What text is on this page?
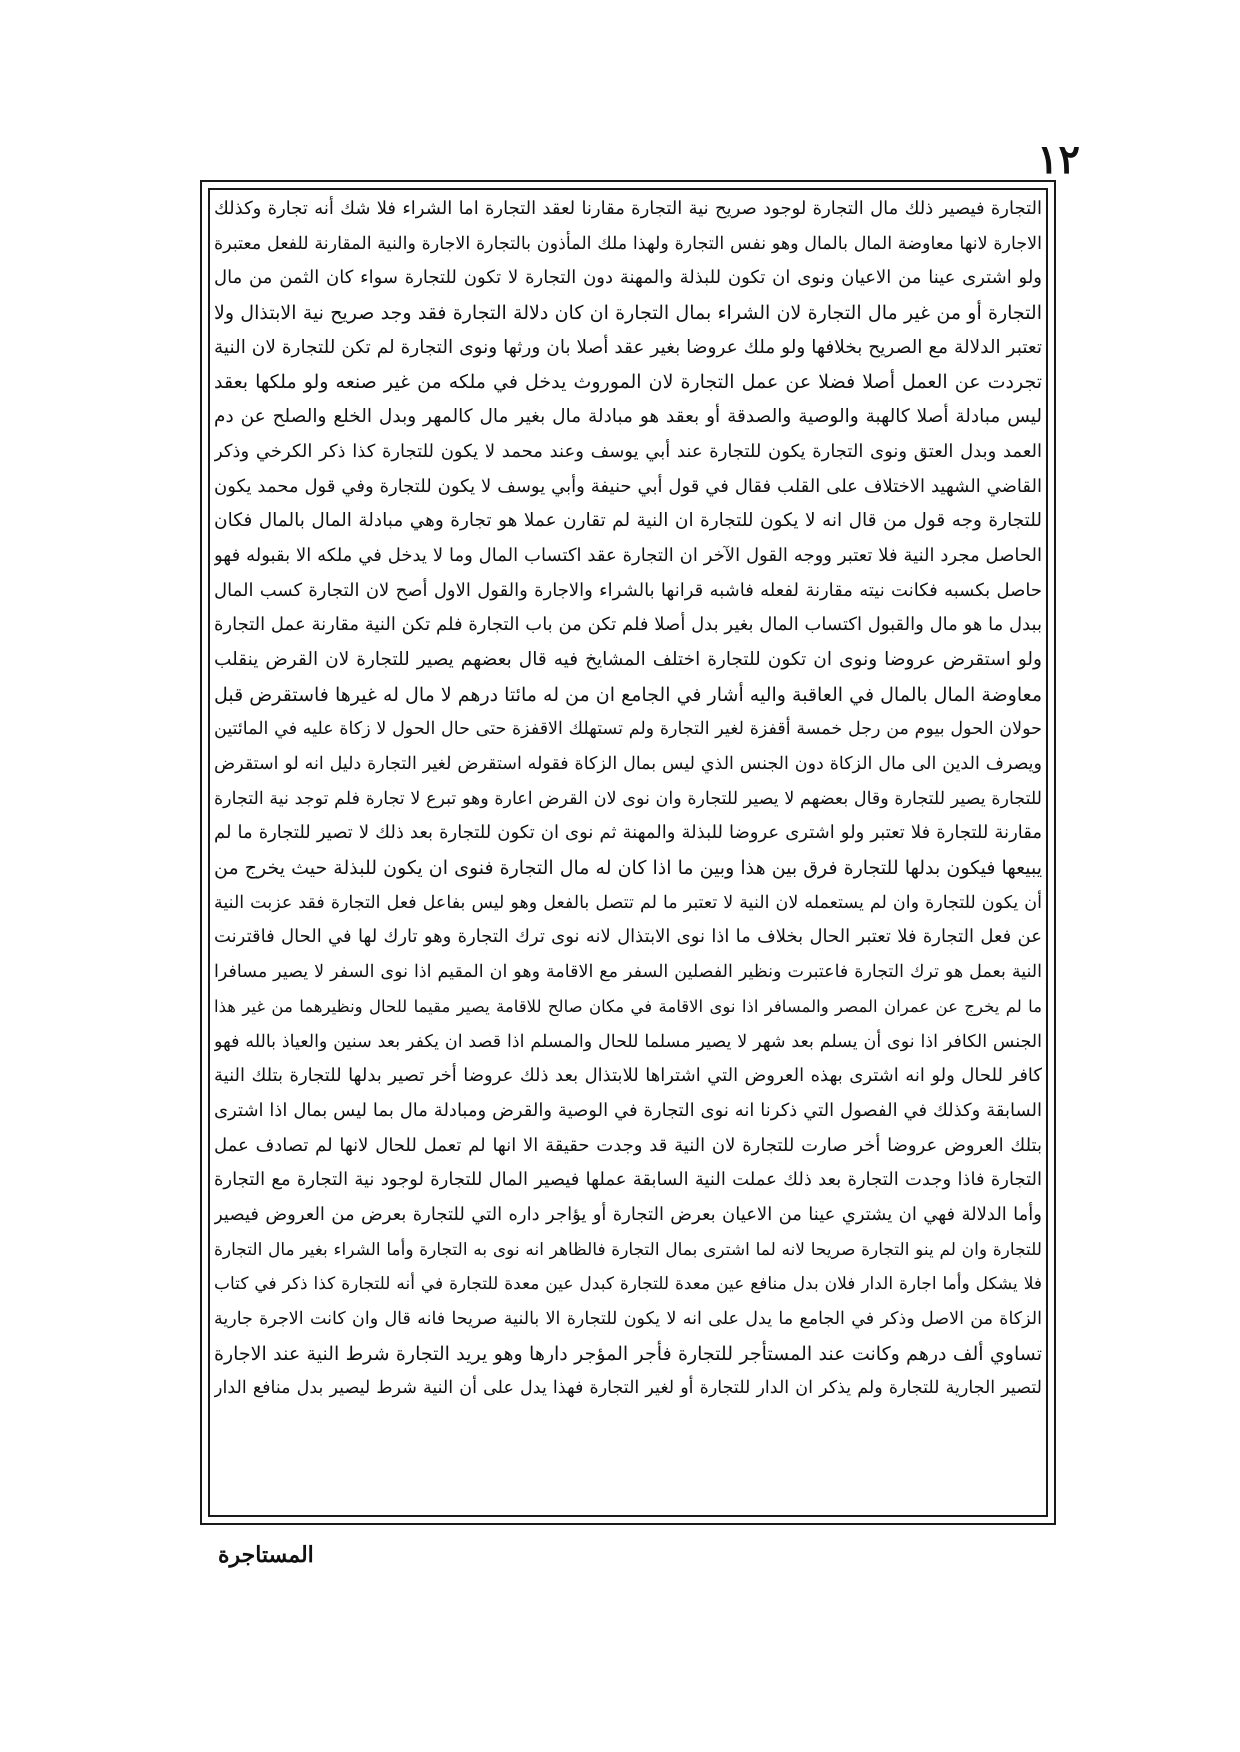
١٢
التجارة فيصير ذلك مال التجارة لوجود صريح نية التجارة مقارنا لعقد التجارة اما الشراء فلا شك أنه تجارة وكذلك
الاجارة لانها معاوضة المال بالمال وهو نفس التجارة ولهذا ملك المأذون بالتجارة الاجارة والنية المقارنة للفعل معتبرة
ولو اشترى عينا من الاعيان ونوى ان تكون للبذلة والمهنة دون التجارة لا تكون للتجارة سواء كان الثمن من مال
التجارة أو من غير مال التجارة لان الشراء بمال التجارة ان كان دلالة التجارة فقد وجد صريح نية الابتذال ولا
تعتبر الدلالة مع الصريح بخلافها ولو ملك عروضا بغير عقد أصلا بان ورثها ونوى التجارة لم تكن للتجارة لان النية
تجردت عن العمل أصلا فضلا عن عمل التجارة لان الموروث يدخل في ملكه من غير صنعه ولو ملكها بعقد
ليس مبادلة أصلا كالهبة والوصية والصدقة أو بعقد هو مبادلة مال بغير مال كالمهر وبدل الخلع والصلح عن دم
العمد وبدل العتق ونوى التجارة يكون للتجارة عند أبي يوسف وعند محمد لا يكون للتجارة كذا ذكر الكرخي وذكر
القاضي الشهيد الاختلاف على القلب فقال في قول أبي حنيفة وأبي يوسف لا يكون للتجارة وفي قول محمد يكون
للتجارة وجه قول من قال انه لا يكون للتجارة ان النية لم تقارن عملا هو تجارة وهي مبادلة المال بالمال فكان
الحاصل مجرد النية فلا تعتبر ووجه القول الآخر ان التجارة عقد اكتساب المال وما لا يدخل في ملكه الا بقبوله فهو
حاصل بكسبه فكانت نيته مقارنة لفعله فاشبه قرانها بالشراء والاجارة والقول الاول أصح لان التجارة كسب المال
ببدل ما هو مال والقبول اكتساب المال بغير بدل أصلا فلم تكن من باب التجارة فلم تكن النية مقارنة عمل التجارة
ولو استقرض عروضا ونوى ان تكون للتجارة اختلف المشايخ فيه قال بعضهم يصير للتجارة لان القرض ينقلب
معاوضة المال بالمال في العاقبة واليه أشار في الجامع ان من له مائتا درهم لا مال له غيرها فاستقرض قبل
حولان الحول بيوم من رجل خمسة أقفزة لغير التجارة ولم تستهلك الاقفزة حتى حال الحول لا زكاة عليه في المائتين
ويصرف الدين الى مال الزكاة دون الجنس الذي ليس بمال الزكاة فقوله استقرض لغير التجارة دليل انه لو استقرض
للتجارة يصير للتجارة وقال بعضهم لا يصير للتجارة وان نوى لان القرض اعارة وهو تبرع لا تجارة فلم توجد نية التجارة
مقارنة للتجارة فلا تعتبر ولو اشترى عروضا للبذلة والمهنة ثم نوى ان تكون للتجارة بعد ذلك لا تصير للتجارة ما لم
يبيعها فيكون بدلها للتجارة فرق بين هذا وبين ما اذا كان له مال التجارة فنوى ان يكون للبذلة حيث يخرج من
أن يكون للتجارة وان لم يستعمله لان النية لا تعتبر ما لم تتصل بالفعل وهو ليس بفاعل فعل التجارة فقد عزبت النية
عن فعل التجارة فلا تعتبر الحال بخلاف ما اذا نوى الابتذال لانه نوى ترك التجارة وهو تارك لها في الحال فاقترنت
النية بعمل هو ترك التجارة فاعتبرت ونظير الفصلين السفر مع الاقامة وهو ان المقيم اذا نوى السفر لا يصير مسافرا
ما لم يخرج عن عمران المصر والمسافر اذا نوى الاقامة في مكان صالح للاقامة يصير مقيما للحال ونظيرهما من غير هذا
الجنس الكافر اذا نوى أن يسلم بعد شهر لا يصير مسلما للحال والمسلم اذا قصد ان يكفر بعد سنين والعياذ بالله فهو
كافر للحال ولو انه اشترى بهذه العروض التي اشتراها للابتذال بعد ذلك عروضا أخر تصير بدلها للتجارة بتلك النية
السابقة وكذلك في الفصول التي ذكرنا انه نوى التجارة في الوصية والقرض ومبادلة مال بما ليس بمال اذا اشترى
بتلك العروض عروضا أخر صارت للتجارة لان النية قد وجدت حقيقة الا انها لم تعمل للحال لانها لم تصادف عمل
التجارة فاذا وجدت التجارة بعد ذلك عملت النية السابقة عملها فيصير المال للتجارة لوجود نية التجارة مع التجارة
وأما الدلالة فهي ان يشتري عينا من الاعيان بعرض التجارة أو يؤاجر داره التي للتجارة بعرض من العروض فيصير
للتجارة وان لم ينو التجارة صريحا لانه لما اشترى بمال التجارة فالظاهر انه نوى به التجارة وأما الشراء بغير مال التجارة
فلا يشكل وأما اجارة الدار فلان بدل منافع عين معدة للتجارة كبدل عين معدة للتجارة في أنه للتجارة كذا ذكر في كتاب
الزكاة من الاصل وذكر في الجامع ما يدل على انه لا يكون للتجارة الا بالنية صريحا فانه قال وان كانت الاجرة جارية
تساوي ألف درهم وكانت عند المستأجر للتجارة فأجر المؤجر دارها وهو يريد التجارة شرط النية عند الاجارة
لتصير الجارية للتجارة ولم يذكر ان الدار للتجارة أو لغير التجارة فهذا يدل على أن النية شرط ليصير بدل منافع الدار
المستاجرة
